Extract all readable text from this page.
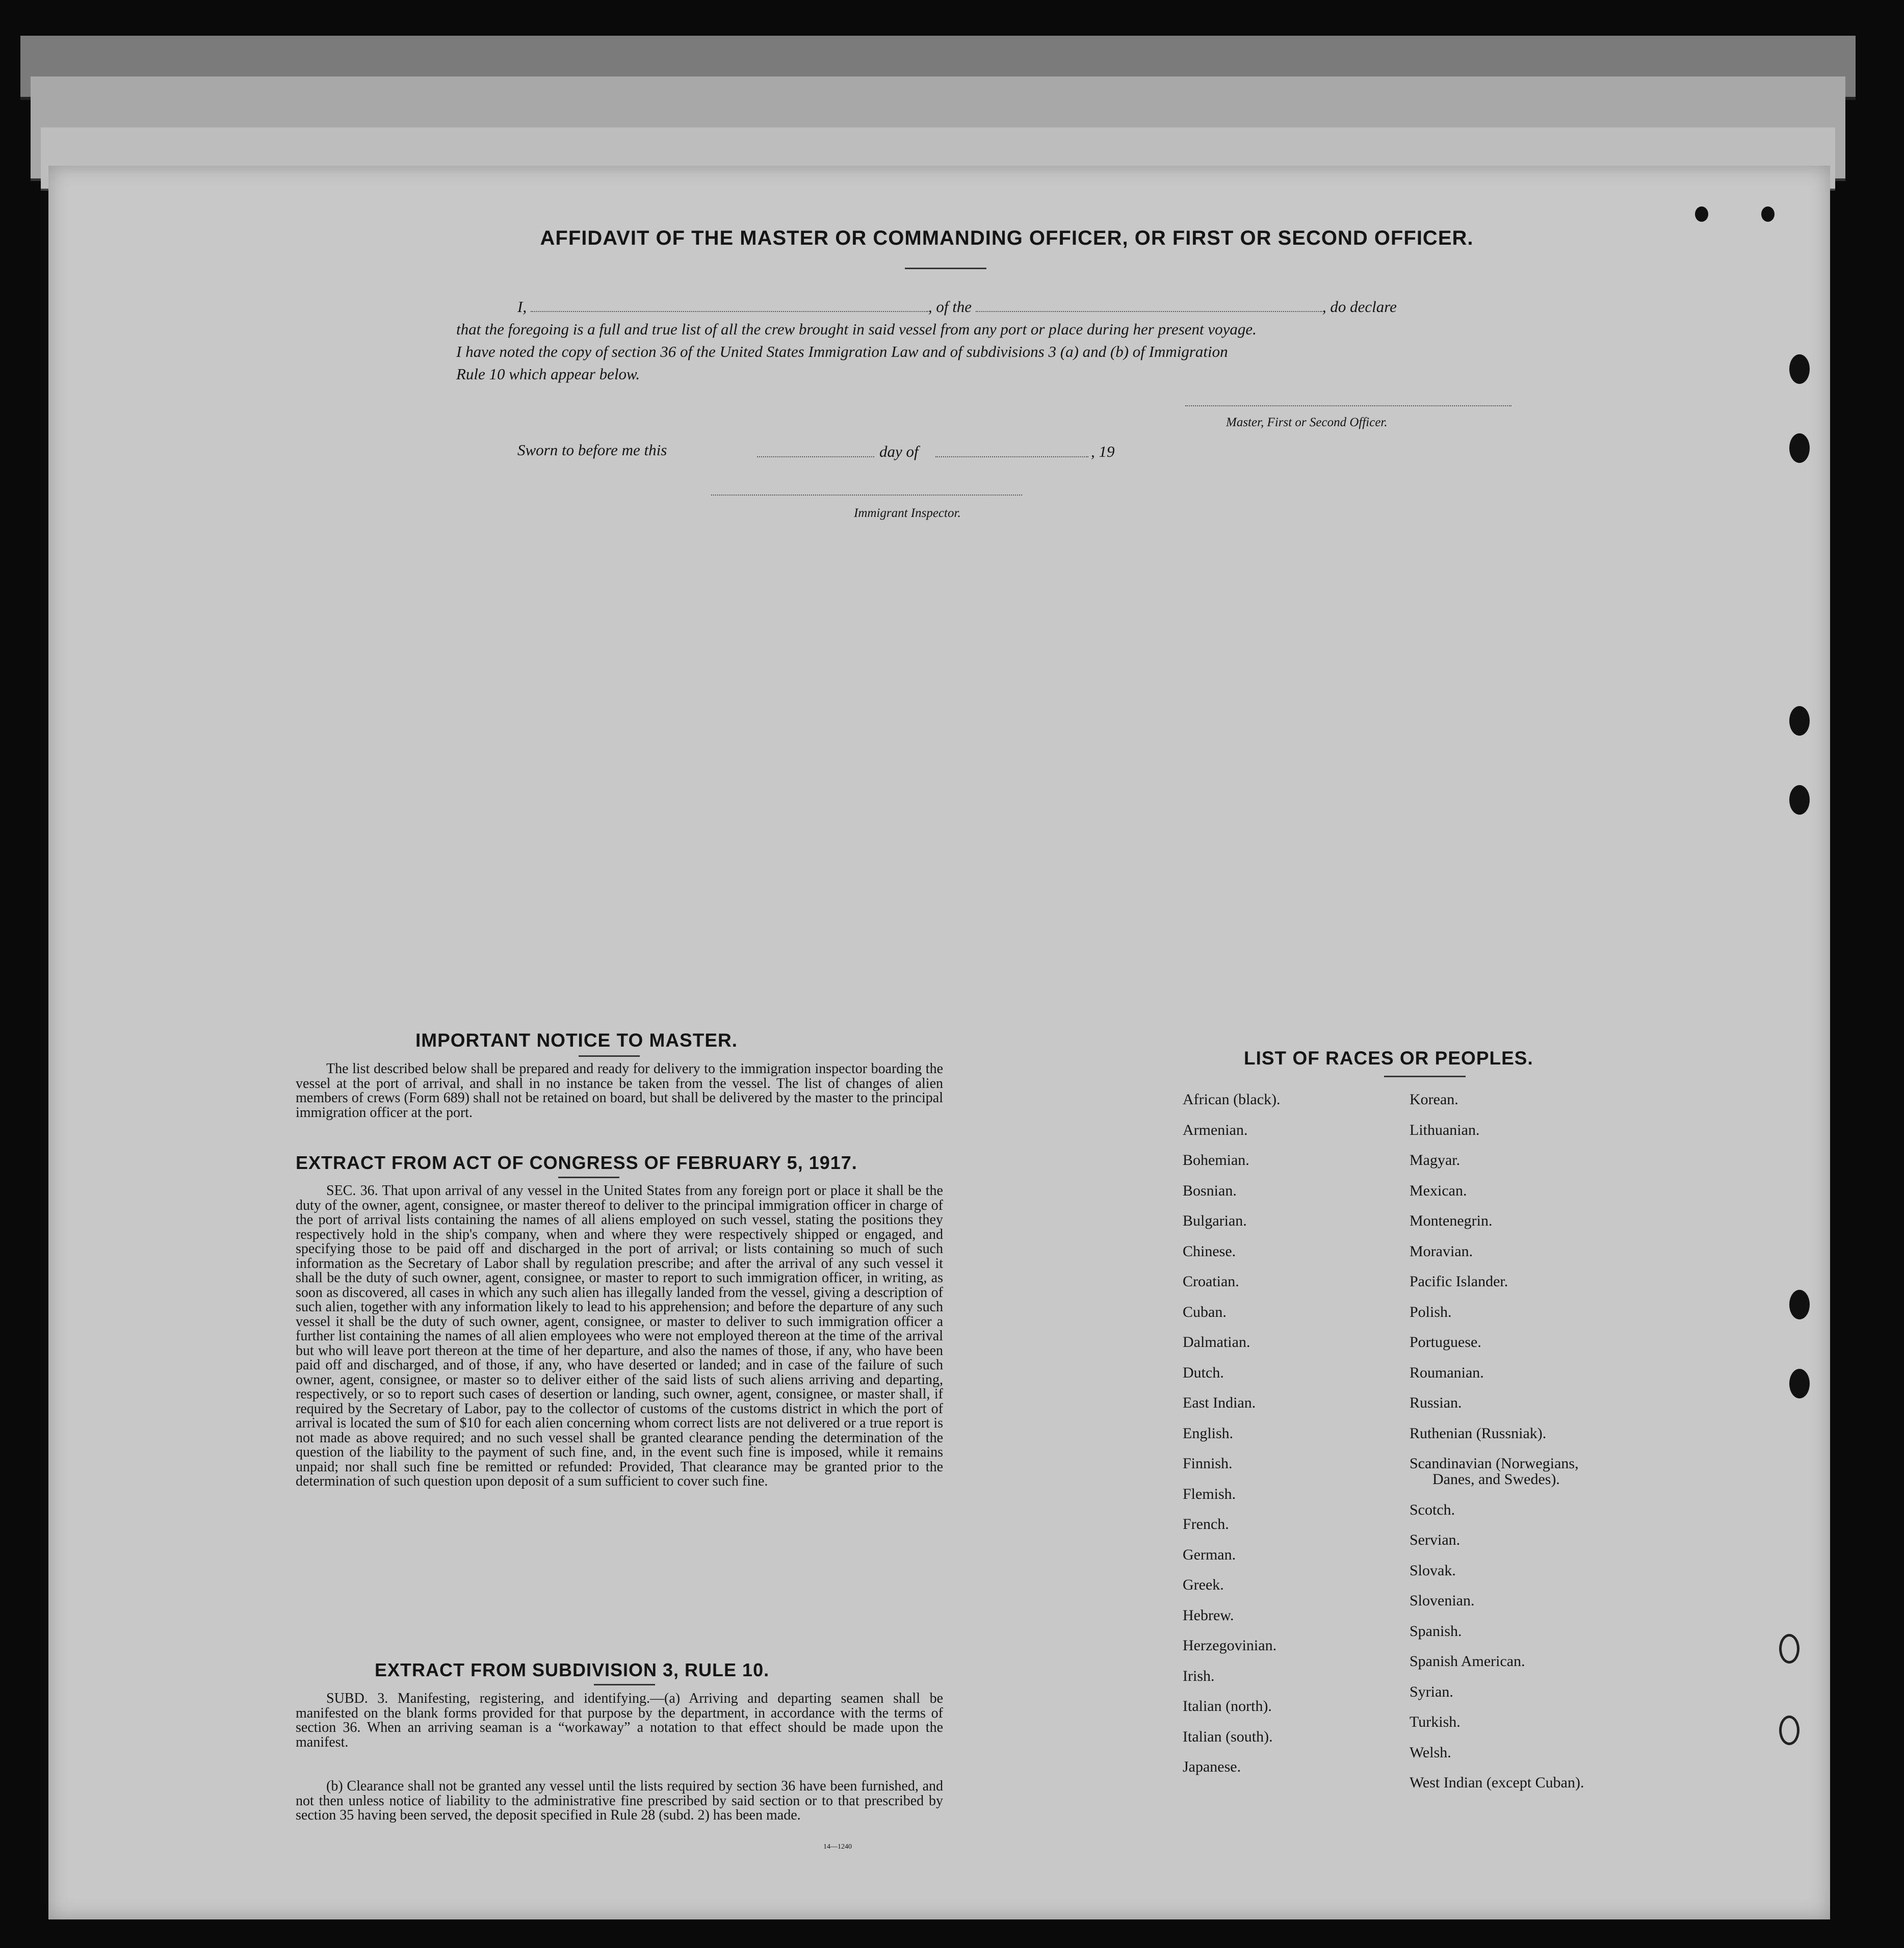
AFFIDAVIT OF THE MASTER OR COMMANDING OFFICER, OR FIRST OR SECOND OFFICER.
I,	, of the	, do declare
that the foregoing is a full and true list of all the crew brought in said vessel from any port or place during her present voyage.
I have noted the copy of section 36 of the United States Immigration Law and of subdivisions 3 (a) and (b) of Immigration
Rule 10 which appear below.
Master, First or Second Officer.
Sworn to before me this	day of	, 19
Immigrant Inspector.
IMPORTANT NOTICE TO MASTER.
The list described below shall be prepared and ready for delivery to the immigration inspector boarding the vessel at the port of arrival, and shall in no instance be taken from the vessel. The list of changes of alien members of crews (Form 689) shall not be retained on board, but shall be delivered by the master to the principal immigration officer at the port.
EXTRACT FROM ACT OF CONGRESS OF FEBRUARY 5, 1917.
SEC. 36. That upon arrival of any vessel in the United States from any foreign port or place it shall be the duty of the owner, agent, consignee, or master thereof to deliver to the principal immigration officer in charge of the port of arrival lists containing the names of all aliens employed on such vessel, stating the positions they respectively hold in the ship's company, when and where they were respectively shipped or engaged, and specifying those to be paid off and discharged in the port of arrival; or lists containing so much of such information as the Secretary of Labor shall by regulation prescribe; and after the arrival of any such vessel it shall be the duty of such owner, agent, consignee, or master to report to such immigration officer, in writing, as soon as discovered, all cases in which any such alien has illegally landed from the vessel, giving a description of such alien, together with any information likely to lead to his apprehension; and before the departure of any such vessel it shall be the duty of such owner, agent, consignee, or master to deliver to such immigration officer a further list containing the names of all alien employees who were not employed thereon at the time of the arrival but who will leave port thereon at the time of her departure, and also the names of those, if any, who have been paid off and discharged, and of those, if any, who have deserted or landed; and in case of the failure of such owner, agent, consignee, or master so to deliver either of the said lists of such aliens arriving and departing, respectively, or so to report such cases of desertion or landing, such owner, agent, consignee, or master shall, if required by the Secretary of Labor, pay to the collector of customs of the customs district in which the port of arrival is located the sum of $10 for each alien concerning whom correct lists are not delivered or a true report is not made as above required; and no such vessel shall be granted clearance pending the determination of the question of the liability to the payment of such fine, and, in the event such fine is imposed, while it remains unpaid; nor shall such fine be remitted or refunded: Provided, That clearance may be granted prior to the determination of such question upon deposit of a sum sufficient to cover such fine.
EXTRACT FROM SUBDIVISION 3, RULE 10.
SUBD. 3. Manifesting, registering, and identifying.—(a) Arriving and departing seamen shall be manifested on the blank forms provided for that purpose by the department, in accordance with the terms of section 36. When an arriving seaman is a “workaway” a notation to that effect should be made upon the manifest.
(b) Clearance shall not be granted any vessel until the lists required by section 36 have been furnished, and not then unless notice of liability to the administrative fine prescribed by said section or to that prescribed by section 35 having been served, the deposit specified in Rule 28 (subd. 2) has been made.
14—1240
LIST OF RACES OR PEOPLES.
African (black).
Armenian.
Bohemian.
Bosnian.
Bulgarian.
Chinese.
Croatian.
Cuban.
Dalmatian.
Dutch.
East Indian.
English.
Finnish.
Flemish.
French.
German.
Greek.
Hebrew.
Herzegovinian.
Irish.
Italian (north).
Italian (south).
Japanese.
Korean.
Lithuanian.
Magyar.
Mexican.
Montenegrin.
Moravian.
Pacific Islander.
Polish.
Portuguese.
Roumanian.
Russian.
Ruthenian (Russniak).
Scandinavian (Norwegians,
Danes, and Swedes).
Scotch.
Servian.
Slovak.
Slovenian.
Spanish.
Spanish American.
Syrian.
Turkish.
Welsh.
West Indian (except Cuban).
